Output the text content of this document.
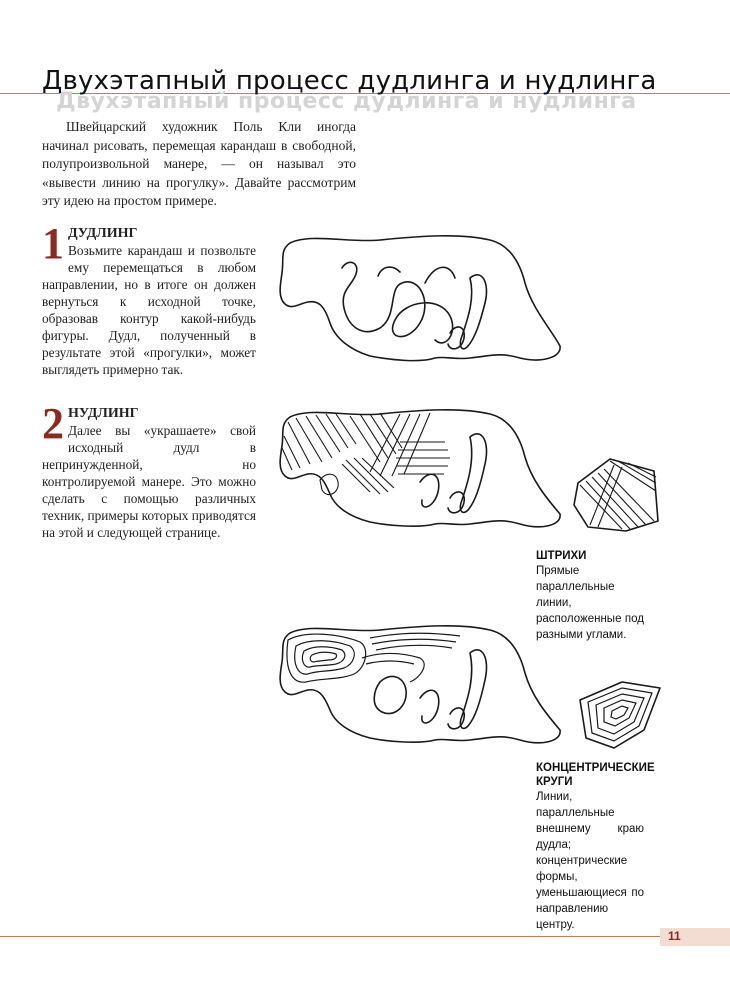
Двухэтапный процесс дудлинга и нудлинга
Двухэтапный процесс дудлинга и нудлинга

Швейцарский художник Поль Кли иногда начинал рисовать, перемещая карандаш в свободной, полупроизвольной манере, — он называл это «вывести линию на прогулку». Давайте рассмотрим эту идею на простом примере.

1 ДУДЛИНГ

Возьмите карандаш и позвольте ему перемещаться в любом направлении, но в итоге он должен вернуться к исходной точке, образовав контур какой-нибудь фигуры. Дудл, полученный в результате этой «прогулки», может выглядеть примерно так.

2 НУДЛИНГ

Далее вы «украшаете» свой исходный дудл в непринужденной, но контролируемой манере. Это можно сделать с помощью различных техник, примеры которых приводятся на этой и следующей странице.

ШТРИХИ

Прямые параллельные линии, расположенные под разными углами.

КОНЦЕНТРИЧЕСКИЕ КРУГИ

Линии, параллельные внешнему краю дудла; концентрические формы, уменьшающиеся по направлению центру.

11
